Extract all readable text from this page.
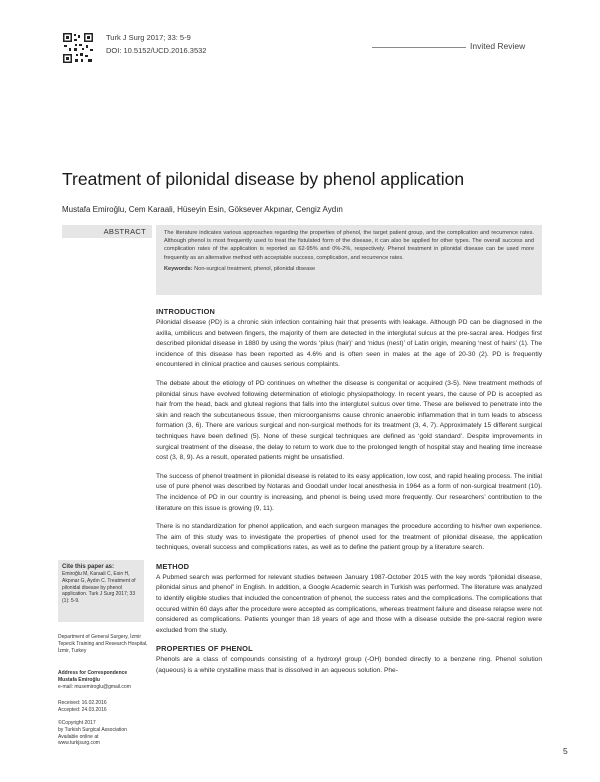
Turk J Surg 2017; 33: 5-9
DOI: 10.5152/UCD.2016.3532	Invited Review
Treatment of pilonidal disease by phenol application
Mustafa Emiroğlu, Cem Karaali, Hüseyin Esin, Göksever Akpınar, Cengiz Aydın
ABSTRACT	The literature indicates various approaches regarding the properties of phenol, the target patient group, and the complication and recurrence rates. Although phenol is most frequently used to treat the fistulated form of the disease, it can also be applied for other types. The overall success and complication rates of the application is reported as 62-95% and 0%-2%, respectively. Phenol treatment in pilonidal disease can be used more frequently as an alternative method with acceptable success, complication, and recurrence rates.

Keywords: Non-surgical treatment, phenol, pilonidal disease

INTRODUCTION

Pilonidal disease (PD) is a chronic skin infection containing hair that presents with leakage. Although PD can be diagnosed in the axilla, umbilicus and between fingers, the majority of them are detected in the interglutal sulcus at the pre-sacral area. Hodges first described pilonidal disease in 1880 by using the words ‘pilus (hair)’ and ‘nidus (nest)’ of Latin origin, meaning ‘nest of hairs’ (1). The incidence of this disease has been reported as 4.6% and is often seen in males at the age of 20-30 (2). PD is frequently encountered in clinical practice and causes serious complaints.

The debate about the etiology of PD continues on whether the disease is congenital or acquired (3-5). New treatment methods of pilonidal sinus have evolved following determination of etiologic physiopathology. In recent years, the cause of PD is accepted as hair from the head, back and gluteal regions that falls into the interglutel sulcus over time. These are believed to penetrate into the skin and reach the subcutaneous tissue, then microorganisms cause chronic anaerobic inflammation that in turn leads to abscess formation (3, 6). There are various surgical and non-surgical methods for its treatment (3, 4, 7). Approximately 15 different surgical techniques have been defined (5). None of these surgical techniques are defined as ‘gold standard’. Despite improvements in surgical treatment of the disease, the delay to return to work due to the prolonged length of hospital stay and healing time increase cost (3, 8, 9). As a result, operated patients might be unsatisfied.

The success of phenol treatment in pilonidal disease is related to its easy application, low cost, and rapid healing process. The initial use of pure phenol was described by Notaras and Goodall under local anesthesia in 1964 as a form of non-surgical treatment (10). The incidence of PD in our country is increasing, and phenol is being used more frequently. Our researchers’ contribution to the literature on this issue is growing (9, 11).

There is no standardization for phenol application, and each surgeon manages the procedure according to his/her own experience. The aim of this study was to investigate the properties of phenol used for the treatment of pilonidal disease, the application techniques, overall success and complications rates, as well as to define the patient group by a literature search.

METHOD

A Pubmed search was performed for relevant studies between January 1987-October 2015 with the key words “pilonidal disease, pilonidal sinus and phenol” in English. In addition, a Google Academic search in Turkish was performed. The literature was analyzed to identify eligible studies that included the concentration of phenol, the success rates and the complications. The complications that occured within 60 days after the procedure were accepted as complications, whereas treatment failure and disease relapse were not considered as complications. Patients younger than 18 years of age and those with a disease outside the pre-sacral region were excluded from the study.

PROPERTIES OF PHENOL

Phenols are a class of compounds consisting of a hydroxyl group (-OH) bonded directly to a benzene ring. Phenol solution (aqueous) is a white crystalline mass that is dissolved in an aqueous solution. Phe-

Cite this paper as:
Emiroğlu M, Karaali C, Esin H, Akpınar G, Aydın C. Treatment of pilonidal disease by phenol application. Turk J Surg 2017; 33 (1): 5-9.
Department of General Surgery, İzmir Tepecik Training and Research Hospital, İzmir, Turkey
Address for Correspondence
Mustafa Emiroğlu
e-mail: musemiroglu@gmail.com
Received: 16.02.2016
Accepted: 24.03.2016
©Copyright 2017
by Turkish Surgical Association
Available online at
www.turkjsurg.com
5
